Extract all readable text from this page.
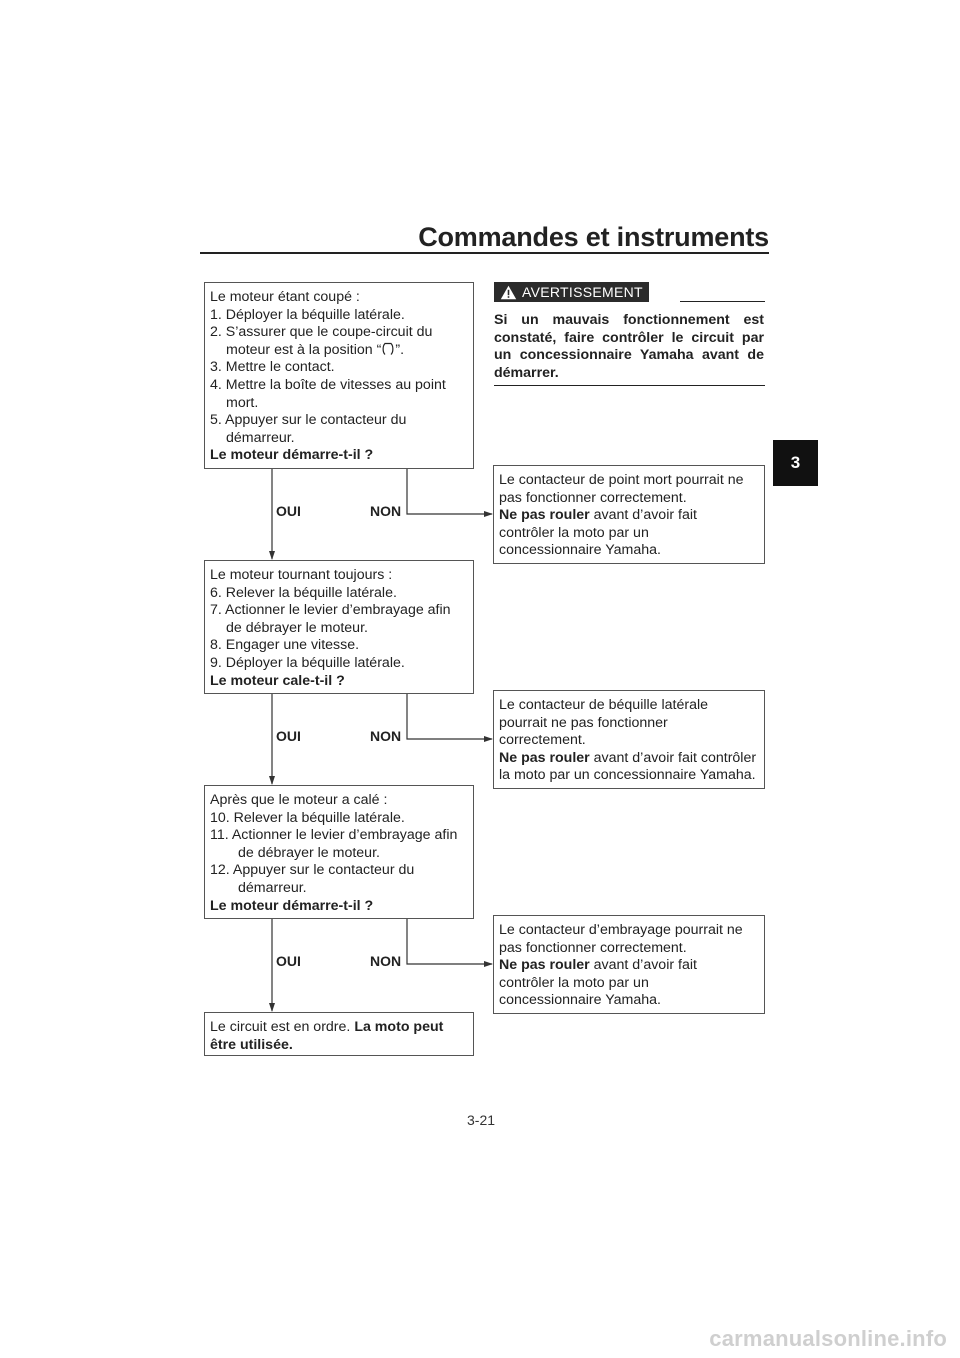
Commandes et instruments
3
Le moteur étant coupé :
1. Déployer la béquille latérale.
2. S’assurer que le coupe-circuit du
moteur est à la position “ ”.
3. Mettre le contact.
4. Mettre la boîte de vitesses au point
mort.
5. Appuyer sur le contacteur du
démarreur.
Le moteur démarre-t-il ?
Le moteur tournant toujours :
6. Relever la béquille latérale.
7. Actionner le levier d’embrayage afin
de débrayer le moteur.
8. Engager une vitesse.
9. Déployer la béquille latérale.
Le moteur cale-t-il ?
Après que le moteur a calé :
10. Relever la béquille latérale.
11. Actionner le levier d’embrayage afin
de débrayer le moteur.
12. Appuyer sur le contacteur du
démarreur.
Le moteur démarre-t-il ?
Le circuit est en ordre. La moto peut
être utilisée.
Le contacteur de point mort pourrait ne
pas fonctionner correctement.
Ne pas rouler avant d’avoir fait
contrôler la moto par un
concessionnaire Yamaha.
Le contacteur de béquille latérale
pourrait ne pas fonctionner
correctement.
Ne pas rouler avant d’avoir fait contrôler
la moto par un concessionnaire Yamaha.
Le contacteur d’embrayage pourrait ne
pas fonctionner correctement.
Ne pas rouler avant d’avoir fait
contrôler la moto par un
concessionnaire Yamaha.
AVERTISSEMENT
Si un mauvais fonctionnement est
constaté, faire contrôler le circuit par
un concessionnaire Yamaha avant de
démarrer.
OUI	NON
OUI	NON
OUI	NON
3-21
carmanualsonline.info
